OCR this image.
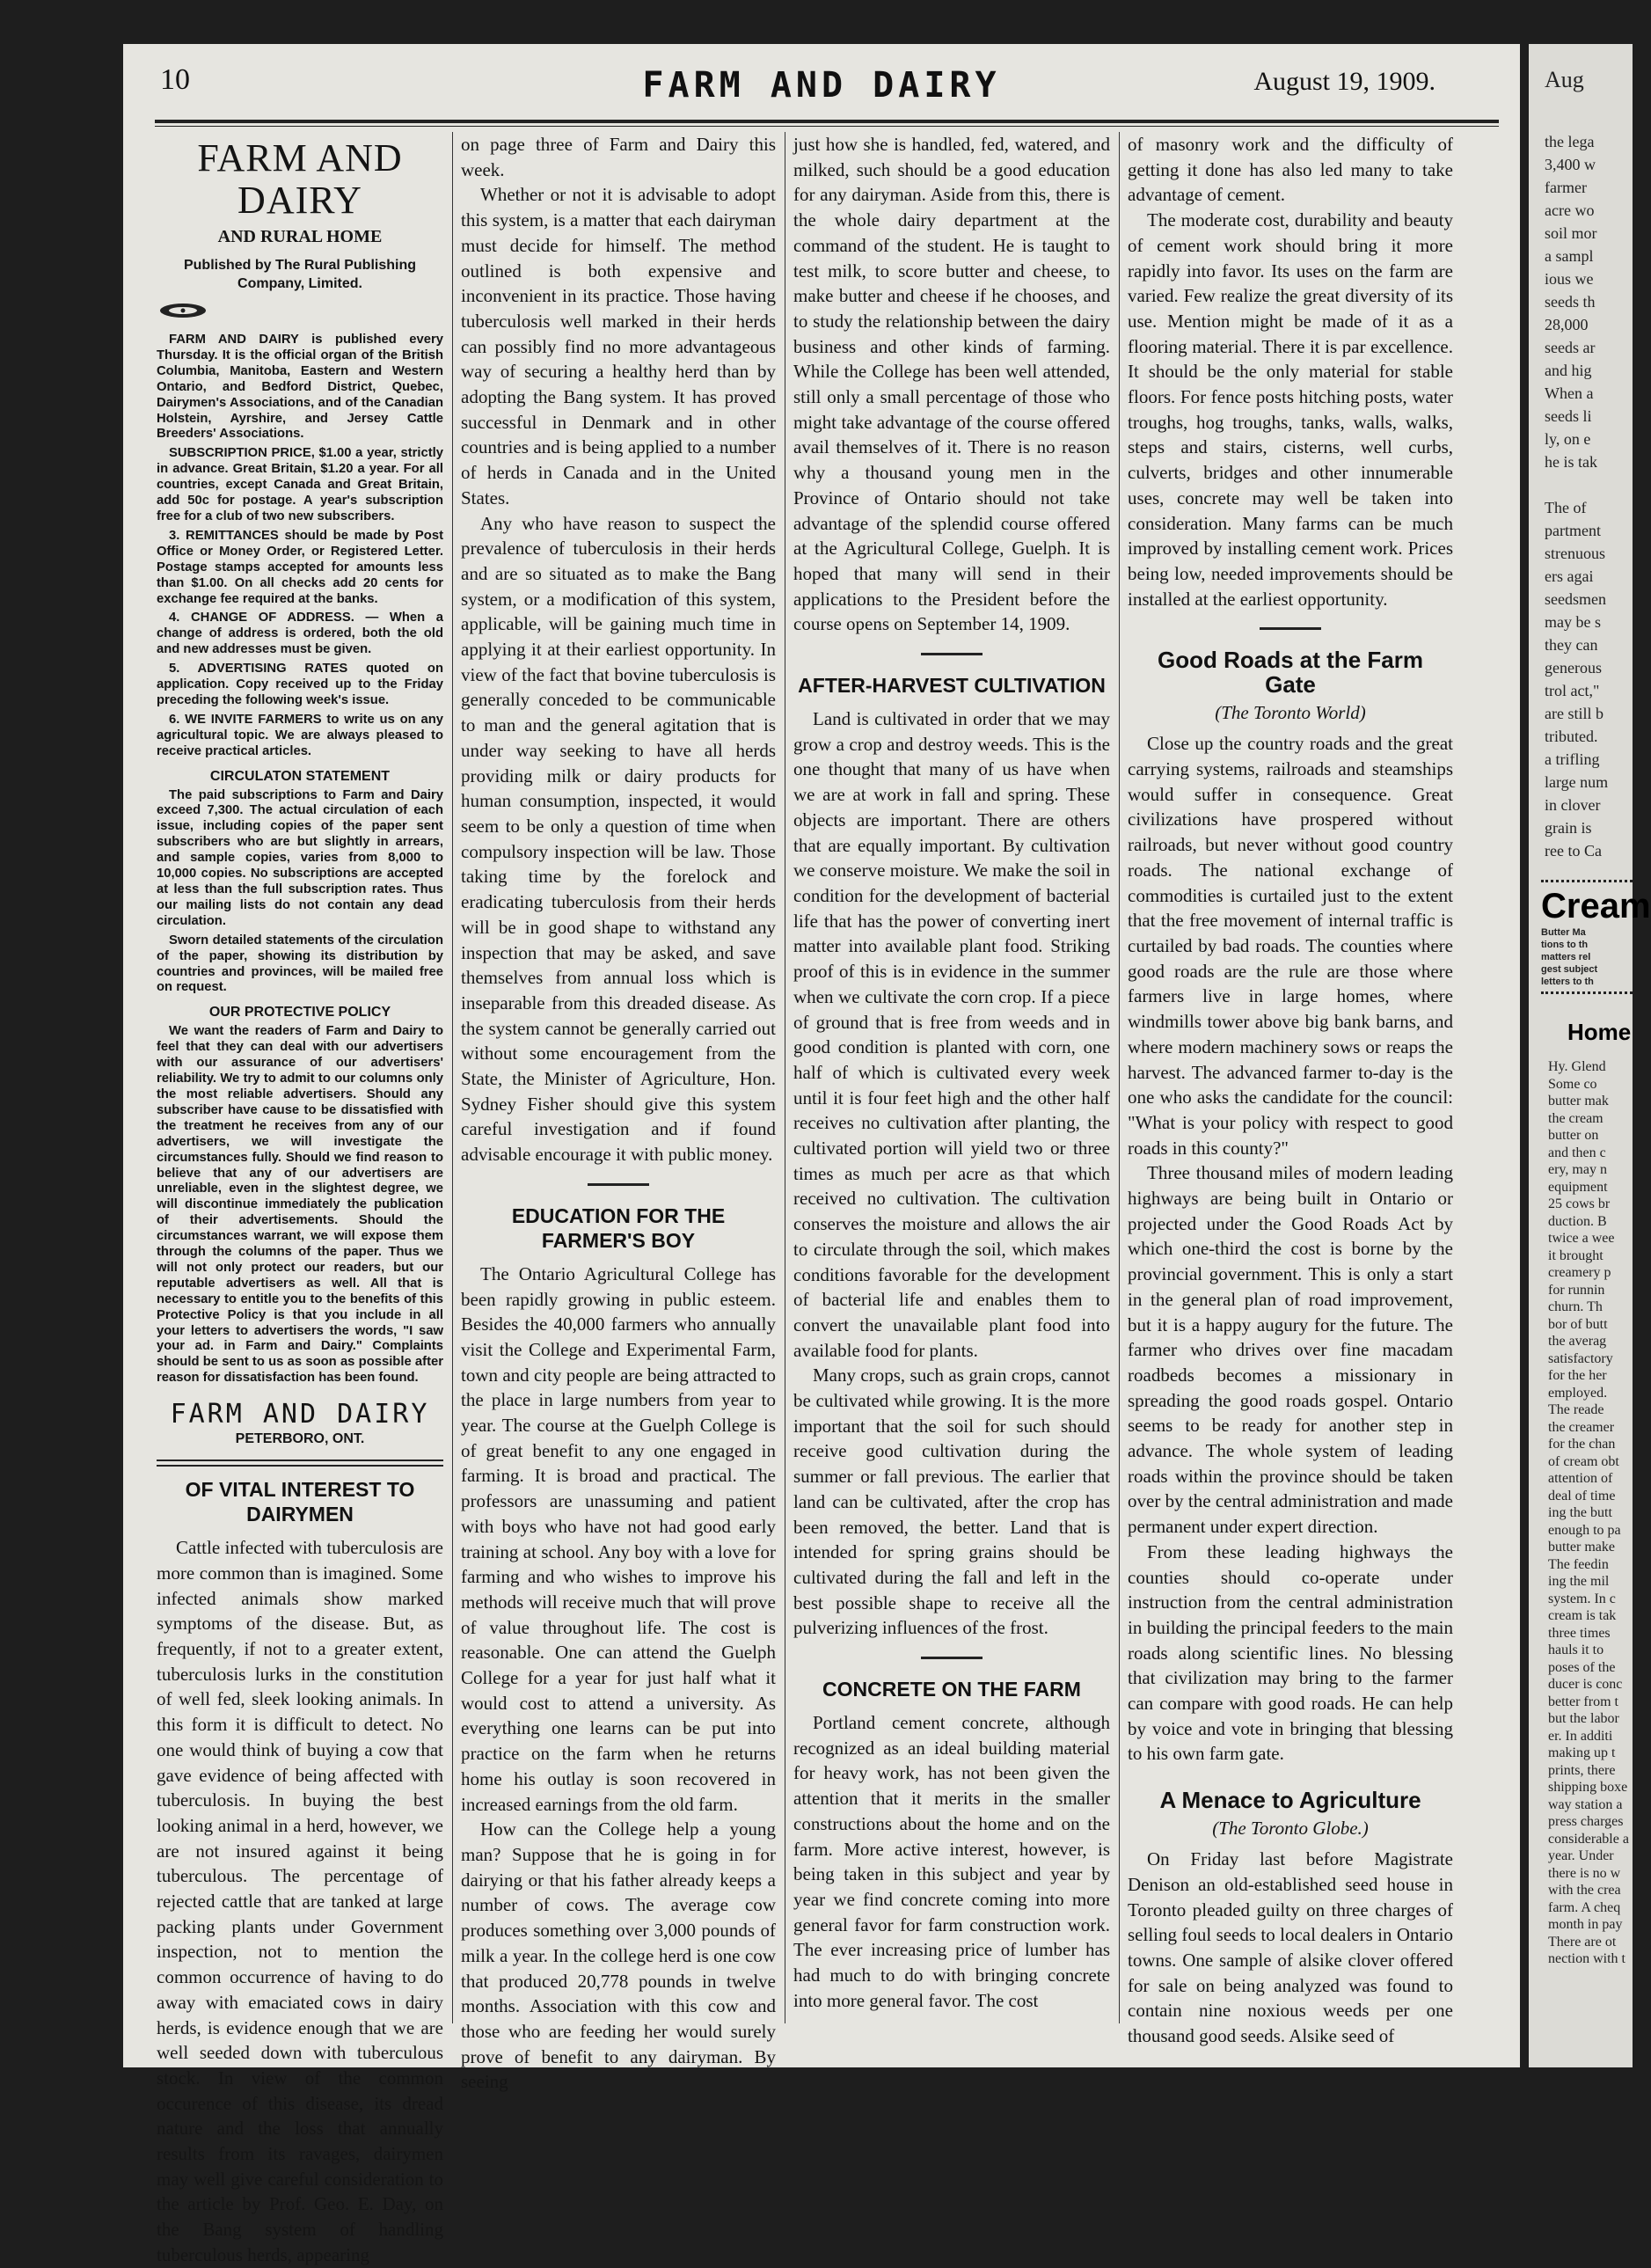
10	FARM AND DAIRY	August 19, 1909.
FARM AND DAIRY
AND RURAL HOME
Published by The Rural Publishing Company, Limited.

FARM AND DAIRY is published every Thursday. It is the official organ of the British Columbia, Manitoba, Eastern and Western Ontario, and Bedford District, Quebec, Dairymen's Associations, and of the Canadian Holstein, Ayrshire, and Jersey Cattle Breeders' Associations.

SUBSCRIPTION PRICE, $1.00 a year, strictly in advance. Great Britain, $1.20 a year. For all countries, except Canada and Great Britain, add 50c for postage. A year's subscription free for a club of two new subscribers.

3. REMITTANCES should be made by Post Office or Money Order, or Registered Letter. Postage stamps accepted for amounts less than $1.00. On all checks add 20 cents for exchange fee required at the banks.

4. CHANGE OF ADDRESS. — When a change of address is ordered, both the old and new addresses must be given.

5. ADVERTISING RATES quoted on application. Copy received up to the Friday preceding the following week's issue.

6. WE INVITE FARMERS to write us on any agricultural topic. We are always pleased to receive practical articles.

CIRCULATON STATEMENT

The paid subscriptions to Farm and Dairy exceed 7,300. The actual circulation of each issue, including copies of the paper sent subscribers who are but slightly in arrears, and sample copies, varies from 8,000 to 10,000 copies. No subscriptions are accepted at less than the full subscription rates. Thus our mailing lists do not contain any dead circulation.

Sworn detailed statements of the circulation of the paper, showing its distribution by countries and provinces, will be mailed free on request.

OUR PROTECTIVE POLICY

We want the readers of Farm and Dairy to feel that they can deal with our advertisers with our assurance of our advertisers' reliability. We try to admit to our columns only the most reliable advertisers. Should any subscriber have cause to be dissatisfied with the treatment he receives from any of our advertisers, we will investigate the circumstances fully. Should we find reason to believe that any of our advertisers are unreliable, even in the slightest degree, we will discontinue immediately the publication of their advertisements. Should the circumstances warrant, we will expose them through the columns of the paper. Thus we will not only protect our readers, but our reputable advertisers as well. All that is necessary to entitle you to the benefits of this Protective Policy is that you include in all your letters to advertisers the words, "I saw your ad. in Farm and Dairy." Complaints should be sent to us as soon as possible after reason for dissatisfaction has been found.

FARM AND DAIRY
PETERBORO, ONT.
OF VITAL INTEREST TO DAIRYMEN

Cattle infected with tuberculosis are more common than is imagined. Some infected animals show marked symptoms of the disease. But, as frequently, if not to a greater extent, tuberculosis lurks in the constitution of well fed, sleek looking animals. In this form it is difficult to detect. No one would think of buying a cow that gave evidence of being affected with tuberculosis. In buying the best looking animal in a herd, however, we are not insured against it being tuberculous. The percentage of rejected cattle that are tanked at large packing plants under Government inspection, not to mention the common occurrence of having to do away with emaciated cows in dairy herds, is evidence enough that we are well seeded down with tuberculous stock. In view of the common occurence of this disease, its dread nature and the loss that annually results from its ravages, dairymen may well give careful consideration to the article by Prof. Geo. E. Day, on the Bang system of handling tuberculous herds, appearing

on page three of Farm and Dairy this week.

Whether or not it is advisable to adopt this system, is a matter that each dairyman must decide for himself. The method outlined is both expensive and inconvenient in its practice. Those having tuberculosis well marked in their herds can possibly find no more advantageous way of securing a healthy herd than by adopting the Bang system. It has proved successful in Denmark and in other countries and is being applied to a number of herds in Canada and in the United States.

Any who have reason to suspect the prevalence of tuberculosis in their herds and are so situated as to make the Bang system, or a modification of this system, applicable, will be gaining much time in applying it at their earliest opportunity. In view of the fact that bovine tuberculosis is generally conceded to be communicable to man and the general agitation that is under way seeking to have all herds providing milk or dairy products for human consumption, inspected, it would seem to be only a question of time when compulsory inspection will be law. Those taking time by the forelock and eradicating tuberculosis from their herds will be in good shape to withstand any inspection that may be asked, and save themselves from annual loss which is inseparable from this dreaded disease. As the system cannot be generally carried out without some encouragement from the State, the Minister of Agriculture, Hon. Sydney Fisher should give this system careful investigation and if found advisable encourage it with public money.

EDUCATION FOR THE FARMER'S BOY

The Ontario Agricultural College has been rapidly growing in public esteem. Besides the 40,000 farmers who annually visit the College and Experimental Farm, town and city people are being attracted to the place in large numbers from year to year. The course at the Guelph College is of great benefit to any one engaged in farming. It is broad and practical. The professors are unassuming and patient with boys who have not had good early training at school. Any boy with a love for farming and who wishes to improve his methods will receive much that will prove of value throughout life. The cost is reasonable. One can attend the Guelph College for a year for just half what it would cost to attend a university. As everything one learns can be put into practice on the farm when he returns home his outlay is soon recovered in increased earnings from the old farm.

How can the College help a young man? Suppose that he is going in for dairying or that his father already keeps a number of cows. The average cow produces something over 3,000 pounds of milk a year. In the college herd is one cow that produced 20,778 pounds in twelve months. Association with this cow and those who are feeding her would surely prove of benefit to any dairyman. By seeing

just how she is handled, fed, watered, and milked, such should be a good education for any dairyman. Aside from this, there is the whole dairy department at the command of the student. He is taught to test milk, to score butter and cheese, to make butter and cheese if he chooses, and to study the relationship between the dairy business and other kinds of farming. While the College has been well attended, still only a small percentage of those who might take advantage of the course offered avail themselves of it. There is no reason why a thousand young men in the Province of Ontario should not take advantage of the splendid course offered at the Agricultural College, Guelph. It is hoped that many will send in their applications to the President before the course opens on September 14, 1909.

AFTER-HARVEST CULTIVATION

Land is cultivated in order that we may grow a crop and destroy weeds. This is the one thought that many of us have when we are at work in fall and spring. These objects are important. There are others that are equally important. By cultivation we conserve moisture. We make the soil in condition for the development of bacterial life that has the power of converting inert matter into available plant food. Striking proof of this is in evidence in the summer when we cultivate the corn crop. If a piece of ground that is free from weeds and in good condition is planted with corn, one half of which is cultivated every week until it is four feet high and the other half receives no cultivation after planting, the cultivated portion will yield two or three times as much per acre as that which received no cultivation. The cultivation conserves the moisture and allows the air to circulate through the soil, which makes conditions favorable for the development of bacterial life and enables them to convert the unavailable plant food into available food for plants.

Many crops, such as grain crops, cannot be cultivated while growing. It is the more important that the soil for such should receive good cultivation during the summer or fall previous. The earlier that land can be cultivated, after the crop has been removed, the better. Land that is intended for spring grains should be cultivated during the fall and left in the best possible shape to receive all the pulverizing influences of the frost.

CONCRETE ON THE FARM

Portland cement concrete, although recognized as an ideal building material for heavy work, has not been given the attention that it merits in the smaller constructions about the home and on the farm. More active interest, however, is being taken in this subject and year by year we find concrete coming into more general favor for farm construction work. The ever increasing price of lumber has had much to do with bringing concrete into more general favor. The cost

of masonry work and the difficulty of getting it done has also led many to take advantage of cement.

The moderate cost, durability and beauty of cement work should bring it more rapidly into favor. Its uses on the farm are varied. Few realize the great diversity of its use. Mention might be made of it as a flooring material. There it is par excellence. It should be the only material for stable floors. For fence posts hitching posts, water troughs, hog troughs, tanks, walls, walks, steps and stairs, cisterns, well curbs, culverts, bridges and other innumerable uses, concrete may well be taken into consideration. Many farms can be much improved by installing cement work. Prices being low, needed improvements should be installed at the earliest opportunity.

Good Roads at the Farm Gate
(The Toronto World)

Close up the country roads and the great carrying systems, railroads and steamships would suffer in consequence. Great civilizations have prospered without railroads, but never without good country roads. The national exchange of commodities is curtailed just to the extent that the free movement of internal traffic is curtailed by bad roads. The counties where good roads are the rule are those where farmers live in large homes, where windmills tower above big bank barns, and where modern machinery sows or reaps the harvest. The advanced farmer to-day is the one who asks the candidate for the council: "What is your policy with respect to good roads in this county?"

Three thousand miles of modern leading highways are being built in Ontario or projected under the Good Roads Act by which one-third the cost is borne by the provincial government. This is only a start in the general plan of road improvement, but it is a happy augury for the future. The farmer who drives over fine macadam roadbeds becomes a missionary in spreading the good roads gospel. Ontario seems to be ready for another step in advance. The whole system of leading roads within the province should be taken over by the central administration and made permanent under expert direction.

From these leading highways the counties should co-operate under instruction from the central administration in building the principal feeders to the main roads along scientific lines. No blessing that civilization may bring to the farmer can compare with good roads. He can help by voice and vote in bringing that blessing to his own farm gate.

A Menace to Agriculture
(The Toronto Globe.)

On Friday last before Magistrate Denison an old-established seed house in Toronto pleaded guilty on three charges of selling foul seeds to local dealers in Ontario towns. One sample of alsike clover offered for sale on being analyzed was found to contain nine noxious weeds per one thousand good seeds. Alsike seed of

Aug
the lega
3,400 w
farmer
acre wo
soil mor
a sampl
ious we
seeds th
28,000
seeds ar
and hig
When a
seeds li
ly, on e
he is tak

The of
partment
strenuous
ers agai
seedsmen
may be s
they can
generous
trol act,"
are still b
tributed.
a trifling
large num
in clover
grain is
ree to Ca
Cream
Butter Ma
tions to th
matters rel
gest subject
letters to th
Home
Hy. Glend
Some co
butter mak
the cream
butter on
and then c
ery, may n
equipment
25 cows br
duction. B
twice a wee
it brought
creamery p
for runnin
churn. Th
bor of butt
the averag
satisfactory
for the her
employed.
The reade
the creamer
for the chan
of cream obt
attention of
deal of time
ing the butt
enough to pa
butter make
The feedin
ing the mil
system. In c
cream is tak
three times
hauls it to
poses of the
ducer is conc
better from t
but the labor
er. In additi
making up t
prints, there
shipping boxe
way station a
press charges
considerable a
year. Under
there is no w
with the crea
farm. A cheq
month in pay
There are ot
nection with t
